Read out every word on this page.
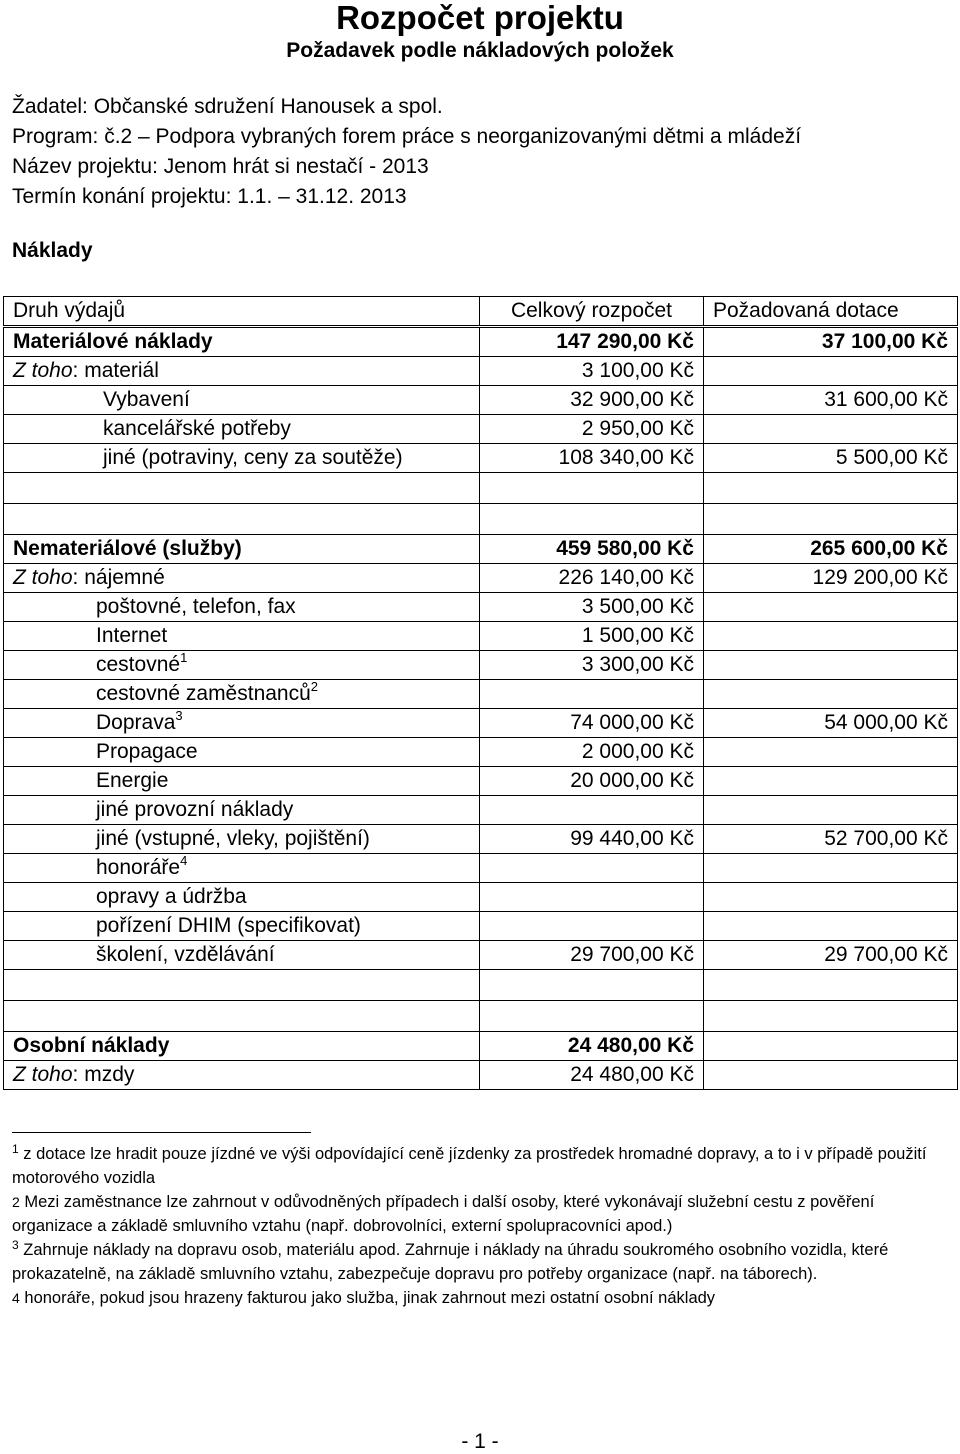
Rozpočet projektu
Požadavek podle nákladových položek
Žadatel: Občanské sdružení Hanousek a spol.
Program: č.2 – Podpora vybraných forem práce s neorganizovanými dětmi a mládeží
Název projektu: Jenom hrát si nestačí - 2013
Termín konání projektu: 1.1. – 31.12. 2013
Náklady
Druh výdajů	Celkový rozpočet	Požadovaná dotace
Materiálové náklady	147 290,00 Kč	37 100,00 Kč
Z toho: materiál	3 100,00 Kč	
Vybavení	32 900,00 Kč	31 600,00 Kč
kancelářské potřeby	2 950,00 Kč	
jiné (potraviny, ceny za soutěže)	108 340,00 Kč	5 500,00 Kč

Nemateriálové (služby)	459 580,00 Kč	265 600,00 Kč
Z toho: nájemné	226 140,00 Kč	129 200,00 Kč
poštovné, telefon, fax	3 500,00 Kč	
Internet	1 500,00 Kč	
cestovné$^1$	3 300,00 Kč	
cestovné zaměstnanců$^2$		
Doprava$^3$	74 000,00 Kč	54 000,00 Kč
Propagace	2 000,00 Kč	
Energie	20 000,00 Kč	
jiné provozní náklady		
jiné (vstupné, vleky, pojištění)	99 440,00 Kč	52 700,00 Kč
honoráře$^4$		
opravy a údržba		
pořízení DHIM (specifikovat)		
školení, vzdělávání	29 700,00 Kč	29 700,00 Kč

Osobní náklady	24 480,00 Kč	
Z toho: mzdy	24 480,00 Kč	

$^1$ z dotace lze hradit pouze jízdné ve výši odpovídající ceně jízdenky za prostředek hromadné dopravy, a to i v případě použití motorového vozidla

2 Mezi zaměstnance lze zahrnout v odůvodněných případech i další osoby, které vykonávají služební cestu z pověření organizace a základě smluvního vztahu (např. dobrovolníci, externí spolupracovníci apod.)

$^3$ Zahrnuje náklady na dopravu osob, materiálu apod. Zahrnuje i náklady na úhradu soukromého osobního vozidla, které prokazatelně, na základě smluvního vztahu, zabezpečuje dopravu pro potřeby organizace (např. na táborech).

4 honoráře, pokud jsou hrazeny fakturou jako služba, jinak zahrnout mezi ostatní osobní náklady

- 1 -
